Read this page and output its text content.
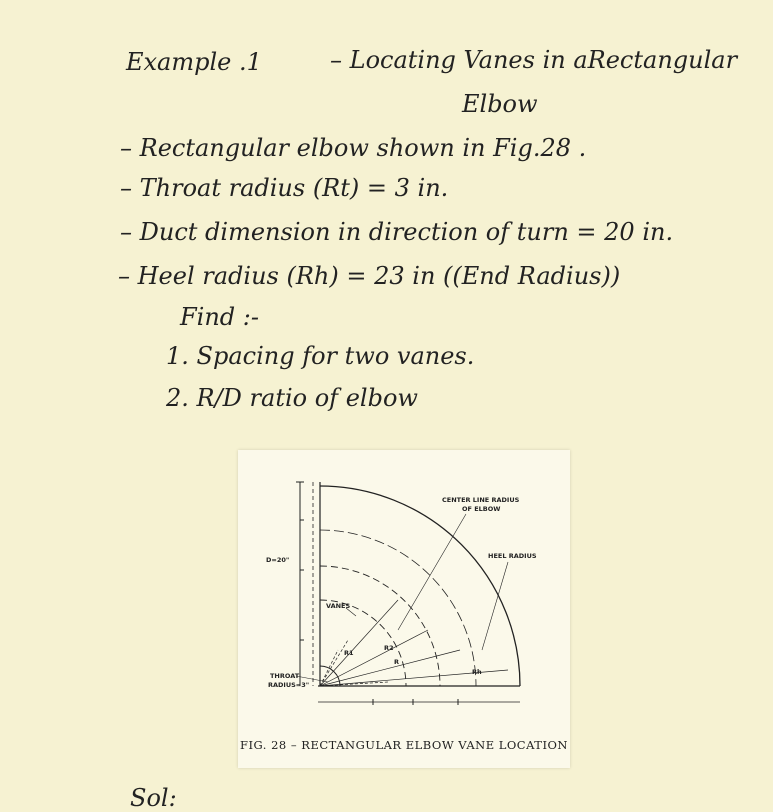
Example .1	– Locating Vanes in aRectangular
Elbow
– Rectangular elbow shown in Fig.28 .
– Throat radius (Rt) = 3 in.
– Duct dimension in direction of turn = 20 in.
– Heel radius (Rh) = 23 in ((End Radius))
Find :-
1. Spacing for two vanes.
2. R/D ratio of elbow
CENTER LINE RADIUS
OF ELBOW
HEEL RADIUS
D=20"
VANES
R1
R2
R
Rh
THROAT
RADIUS=3"
FIG. 28 – RECTANGULAR ELBOW VANE LOCATION
Sol:
